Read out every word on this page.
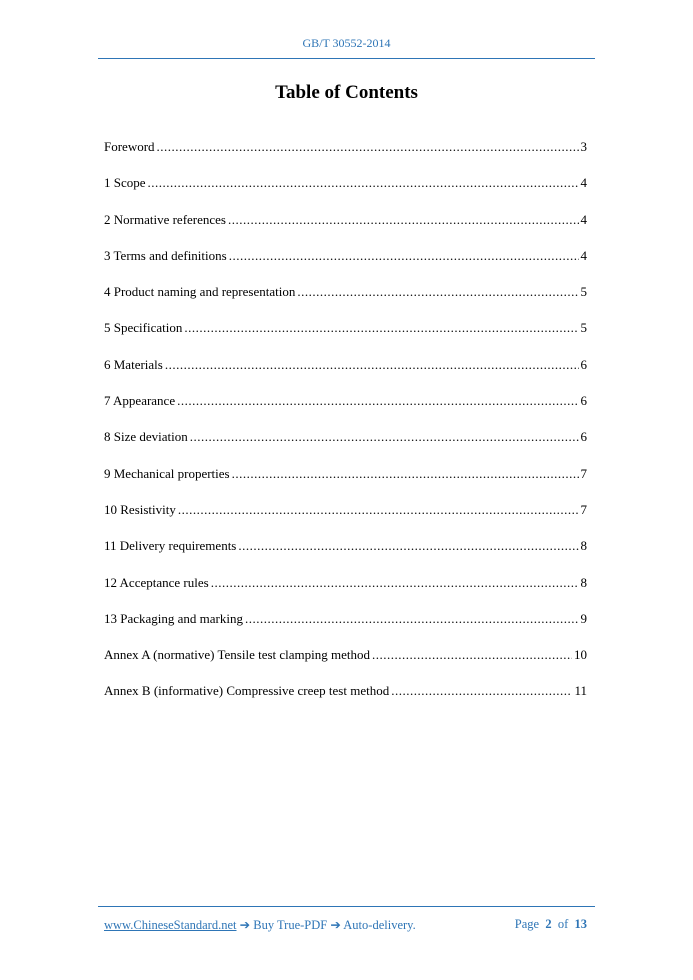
GB/T 30552-2014
Table of Contents
Foreword .....	3
1 Scope .....	4
2 Normative references .....	4
3 Terms and definitions .....	4
4 Product naming and representation .....	5
5 Specification .....	5
6 Materials .....	6
7 Appearance .....	6
8 Size deviation .....	6
9 Mechanical properties .....	7
10 Resistivity .....	7
11 Delivery requirements .....	8
12 Acceptance rules .....	8
13 Packaging and marking .....	9
Annex A (normative) Tensile test clamping method .....	10
Annex B (informative) Compressive creep test method .....	11
www.ChineseStandard.net ➔ Buy True-PDF ➔ Auto-delivery.	Page 2 of 13
